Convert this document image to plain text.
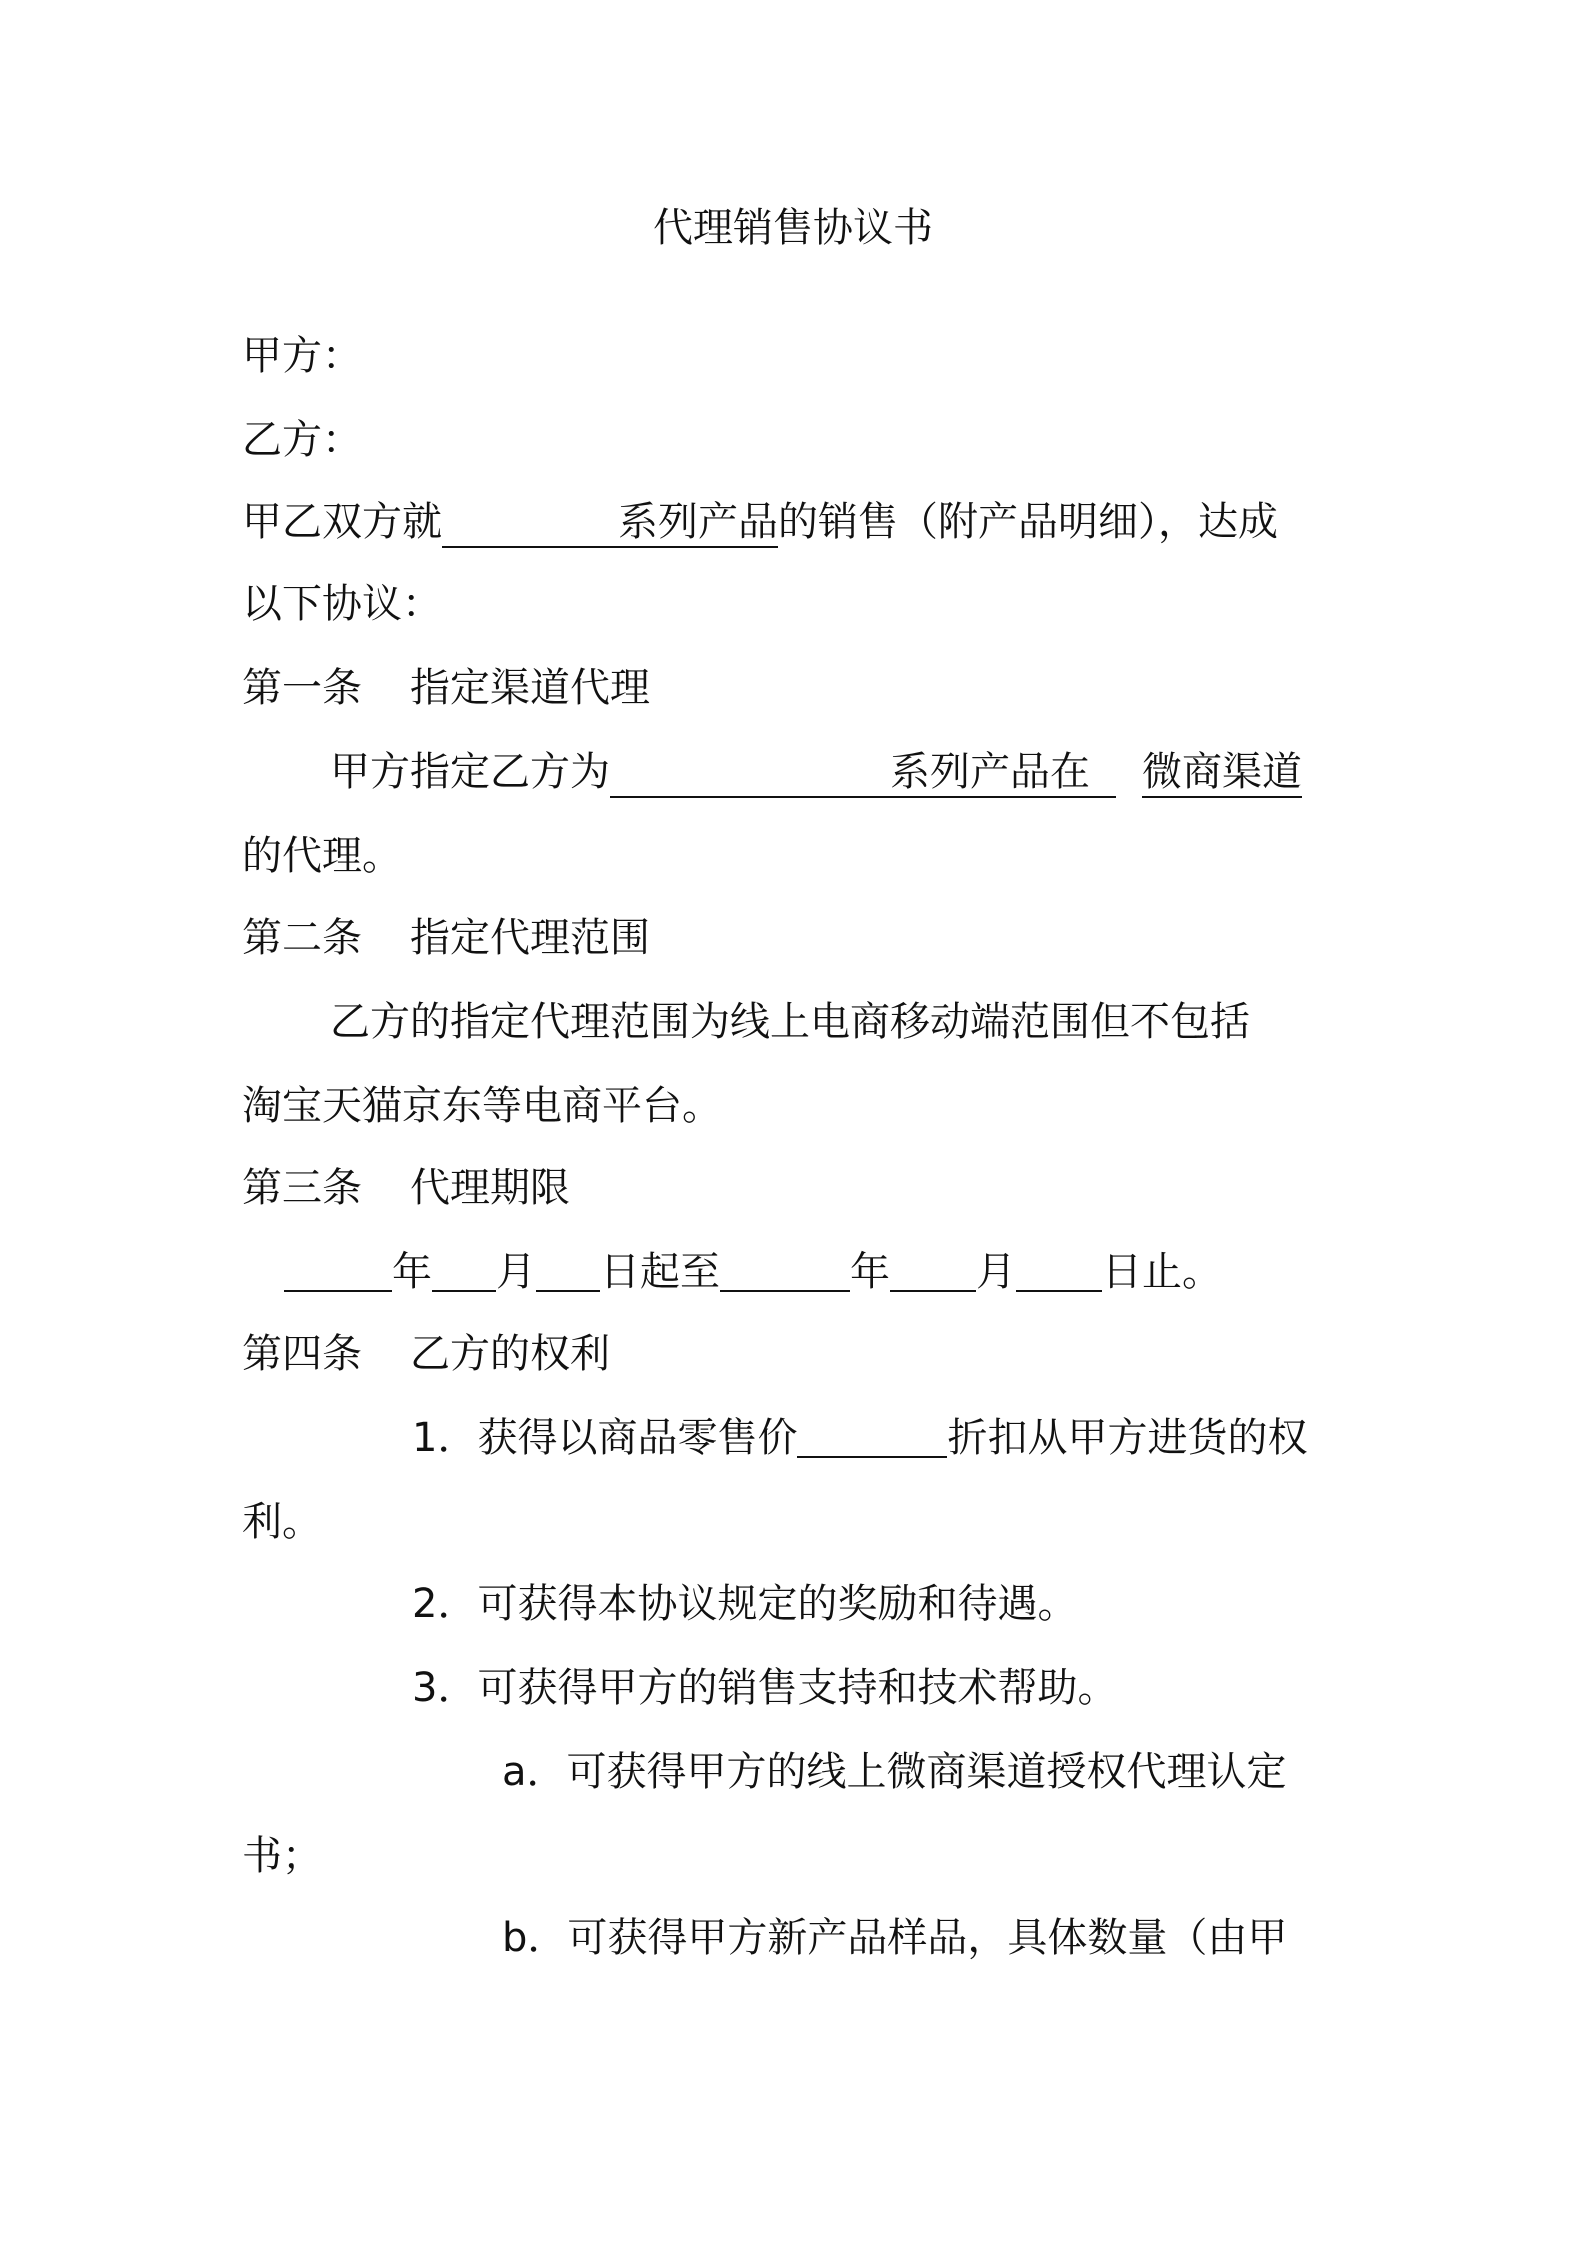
代理销售协议书
甲方：
乙方：
甲乙双方就	系列产品的销售（附产品明细），达成
以下协议：
第一条 指定渠道代理
甲方指定乙方为	系列产品在 微商渠道
的代理。
第二条 指定代理范围
乙方的指定代理范围为线上电商移动端范围但不包括
淘宝天猫京东等电商平台。
第三条 代理期限
年 月 日起至	年 月 日止。
第四条 乙方的权利
1．获得以商品零售价	折扣从甲方进货的权
利。
2．可获得本协议规定的奖励和待遇。
3．可获得甲方的销售支持和技术帮助。
a．可获得甲方的线上微商渠道授权代理认定
书；
b．可获得甲方新产品样品，具体数量（由甲
